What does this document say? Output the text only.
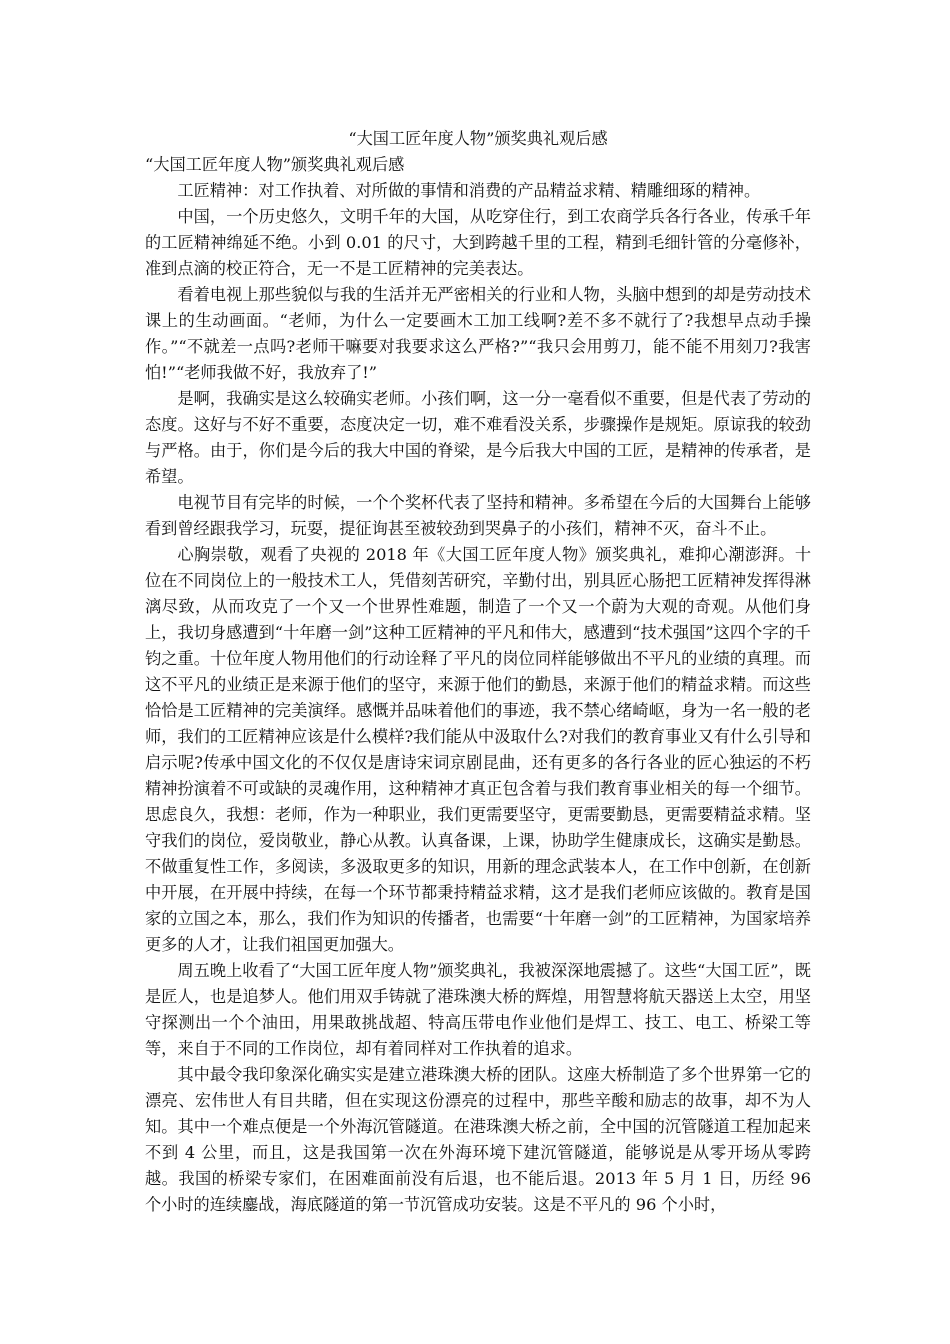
“大国工匠年度人物”颁奖典礼观后感

“大国工匠年度人物”颁奖典礼观后感

工匠精神：对工作执着、对所做的事情和消费的产品精益求精、精雕细琢的精神。

中国，一个历史悠久，文明千年的大国，从吃穿住行，到工农商学兵各行各业，传承千年的工匠精神绵延不绝。小到 0.01 的尺寸，大到跨越千里的工程，精到毛细针管的分毫修补，准到点滴的校正符合，无一不是工匠精神的完美表达。

看着电视上那些貌似与我的生活并无严密相关的行业和人物，头脑中想到的却是劳动技术课上的生动画面。“老师，为什么一定要画木工加工线啊?差不多不就行了?我想早点动手操作。”“不就差一点吗?老师干嘛要对我要求这么严格?”“我只会用剪刀，能不能不用刻刀?我害怕!”“老师我做不好，我放弃了!”

是啊，我确实是这么较确实老师。小孩们啊，这一分一毫看似不重要，但是代表了劳动的态度。这好与不好不重要，态度决定一切，难不难看没关系，步骤操作是规矩。原谅我的较劲与严格。由于，你们是今后的我大中国的脊梁，是今后我大中国的工匠，是精神的传承者，是希望。

电视节目有完毕的时候，一个个奖杯代表了坚持和精神。多希望在今后的大国舞台上能够看到曾经跟我学习，玩耍，提征询甚至被较劲到哭鼻子的小孩们，精神不灭，奋斗不止。

心胸崇敬，观看了央视的 2018 年《大国工匠年度人物》颁奖典礼，难抑心潮澎湃。十位在不同岗位上的一般技术工人，凭借刻苦研究，辛勤付出，别具匠心肠把工匠精神发挥得淋漓尽致，从而攻克了一个又一个世界性难题，制造了一个又一个蔚为大观的奇观。从他们身上，我切身感遭到“十年磨一剑”这种工匠精神的平凡和伟大，感遭到“技术强国”这四个字的千钧之重。十位年度人物用他们的行动诠释了平凡的岗位同样能够做出不平凡的业绩的真理。而这不平凡的业绩正是来源于他们的坚守，来源于他们的勤恳，来源于他们的精益求精。而这些恰恰是工匠精神的完美演绎。感慨并品味着他们的事迹，我不禁心绪崎岖，身为一名一般的老师，我们的工匠精神应该是什么模样?我们能从中汲取什么?对我们的教育事业又有什么引导和启示呢?传承中国文化的不仅仅是唐诗宋词京剧昆曲，还有更多的各行各业的匠心独运的不朽精神扮演着不可或缺的灵魂作用，这种精神才真正包含着与我们教育事业相关的每一个细节。思虑良久，我想：老师，作为一种职业，我们更需要坚守，更需要勤恳，更需要精益求精。坚守我们的岗位，爱岗敬业，静心从教。认真备课，上课，协助学生健康成长，这确实是勤恳。不做重复性工作，多阅读，多汲取更多的知识，用新的理念武装本人，在工作中创新，在创新中开展，在开展中持续，在每一个环节都秉持精益求精，这才是我们老师应该做的。教育是国家的立国之本，那么，我们作为知识的传播者，也需要“十年磨一剑”的工匠精神，为国家培养更多的人才，让我们祖国更加强大。

周五晚上收看了“大国工匠年度人物”颁奖典礼，我被深深地震撼了。这些“大国工匠”，既是匠人，也是追梦人。他们用双手铸就了港珠澳大桥的辉煌，用智慧将航天器送上太空，用坚守探测出一个个油田，用果敢挑战超、特高压带电作业他们是焊工、技工、电工、桥梁工等等，来自于不同的工作岗位，却有着同样对工作执着的追求。

其中最令我印象深化确实实是建立港珠澳大桥的团队。这座大桥制造了多个世界第一它的漂亮、宏伟世人有目共睹，但在实现这份漂亮的过程中，那些辛酸和励志的故事，却不为人知。其中一个难点便是一个外海沉管隧道。在港珠澳大桥之前，全中国的沉管隧道工程加起来不到 4 公里，而且，这是我国第一次在外海环境下建沉管隧道，能够说是从零开场从零跨越。我国的桥梁专家们，在困难面前没有后退，也不能后退。2013 年 5 月 1 日，历经 96 个小时的连续鏖战，海底隧道的第一节沉管成功安装。这是不平凡的 96 个小时，
